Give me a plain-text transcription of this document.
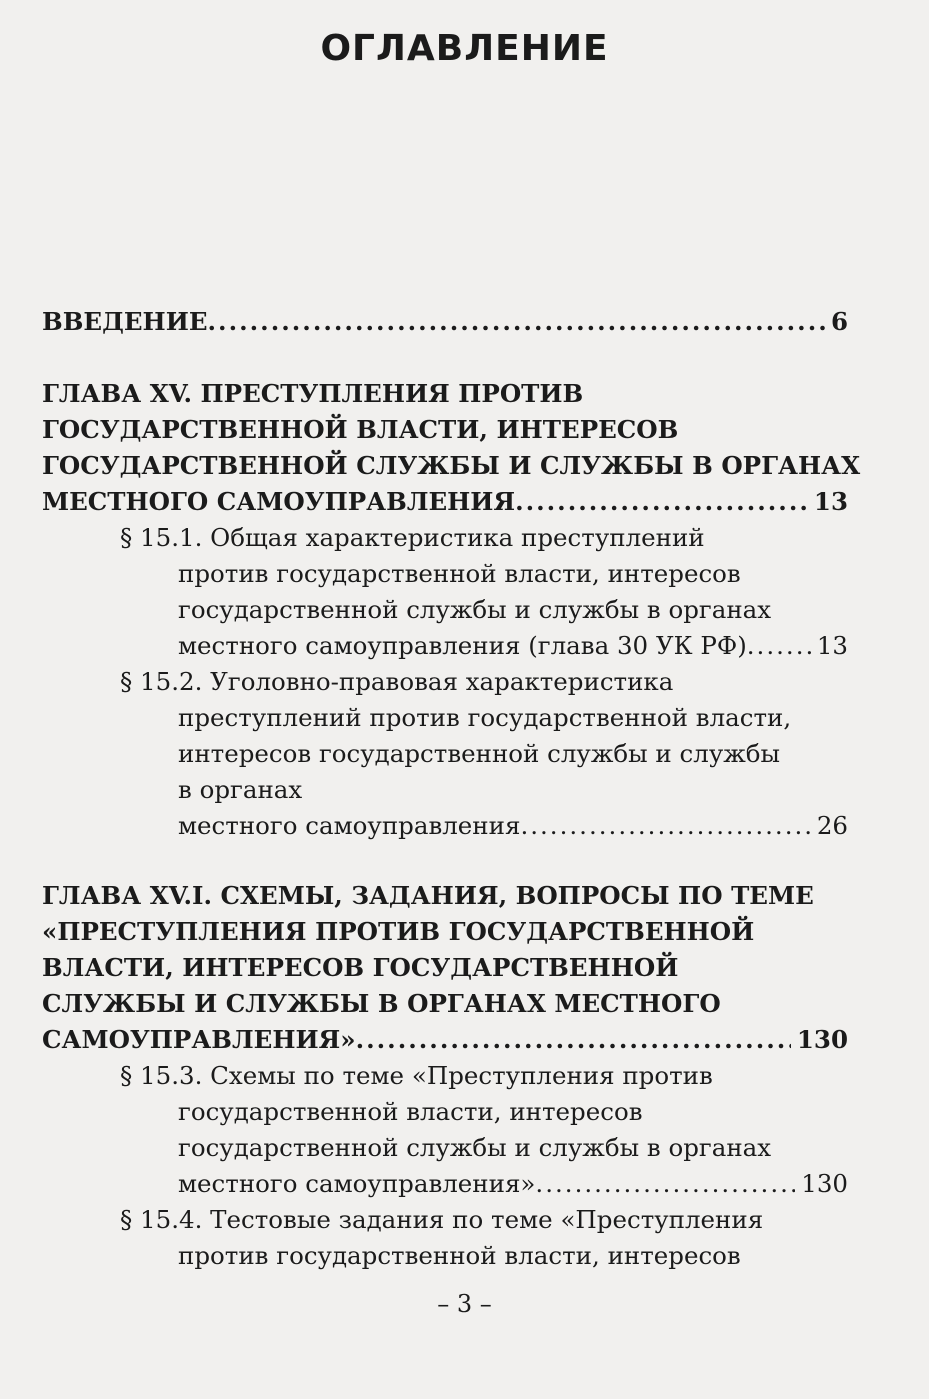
ОГЛАВЛЕНИЕ
ВВЕДЕНИЕ .....	6
ГЛАВА XV. ПРЕСТУПЛЕНИЯ ПРОТИВ
ГОСУДАРСТВЕННОЙ ВЛАСТИ, ИНТЕРЕСОВ
ГОСУДАРСТВЕННОЙ СЛУЖБЫ И СЛУЖБЫ В ОРГАНАХ
МЕСТНОГО САМОУПРАВЛЕНИЯ .....	13
§ 15.1. Общая характеристика преступлений
против государственной власти, интересов
государственной службы и службы в органах
местного самоуправления (глава 30 УК РФ) .....	13
§ 15.2. Уголовно-правовая характеристика
преступлений против государственной власти,
интересов государственной службы и службы
в органах
местного самоуправления .....	26
ГЛАВА XV.I. СХЕМЫ, ЗАДАНИЯ, ВОПРОСЫ ПО ТЕМЕ
«ПРЕСТУПЛЕНИЯ ПРОТИВ ГОСУДАРСТВЕННОЙ
ВЛАСТИ, ИНТЕРЕСОВ ГОСУДАРСТВЕННОЙ
СЛУЖБЫ И СЛУЖБЫ В ОРГАНАХ МЕСТНОГО
САМОУПРАВЛЕНИЯ» .....	130
§ 15.3. Схемы по теме «Преступления против
государственной власти, интересов
государственной службы и службы в органах
местного самоуправления» .....	130
§ 15.4. Тестовые задания по теме «Преступления
против государственной власти, интересов
– 3 –
